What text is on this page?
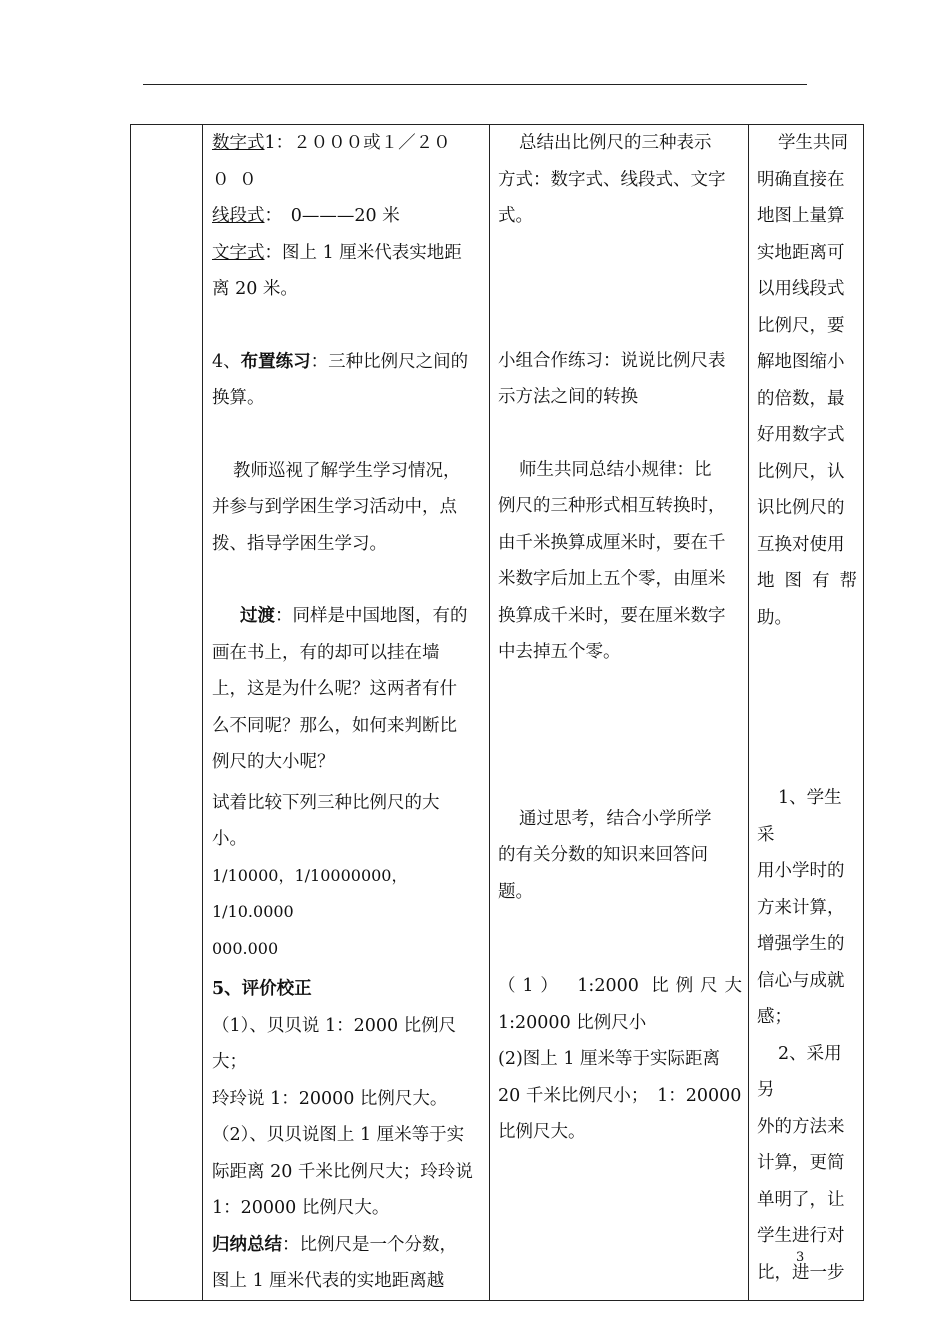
数字式1：２０００或１／２０
００
线段式：　0———20 米
文字式：图上 1 厘米代表实地距
离 20 米。
4、布置练习：三种比例尺之间的
换算。
教师巡视了解学生学习情况，
并参与到学困生学习活动中，点
拨、指导学困生学习。
过渡：同样是中国地图，有的
画在书上，有的却可以挂在墙
上，这是为什么呢？这两者有什
么不同呢？那么，如何来判断比
例尺的大小呢？
试着比较下列三种比例尺的大
小。
1/10000，1/10000000，1/10.0000
000.000
5、评价校正
（1）、贝贝说 1：2000 比例尺大；
玲玲说 1：20000 比例尺大。
（2）、贝贝说图上 1 厘米等于实
际距离 20 千米比例尺大；玲玲说
1：20000 比例尺大。
归纳总结：比例尺是一个分数，
图上 1 厘米代表的实地距离越

总结出比例尺的三种表示
方式：数字式、线段式、文字
式。
小组合作练习：说说比例尺表
示方法之间的转换
师生共同总结小规律：比
例尺的三种形式相互转换时，
由千米换算成厘米时，要在千
米数字后加上五个零，由厘米
换算成千米时，要在厘米数字
中去掉五个零。
通过思考，结合小学所学
的有关分数的知识来回答问
题。
（1） 1:2000 比例尺大
1:20000 比例尺小
(2)图上 1 厘米等于实际距离
20 千米比例尺小；　1：20000
比例尺大。

学生共同
明确直接在
地图上量算
实地距离可
以用线段式
比例尺，要
解地图缩小
的倍数，最
好用数字式
比例尺，认
识比例尺的
互换对使用
地图有帮
助。
1、学生采
用小学时的
方来计算，
增强学生的
信心与成就
感；
2、采用另
外的方法来
计算，更简
单明了，让
学生进行对
比，进一步
3
